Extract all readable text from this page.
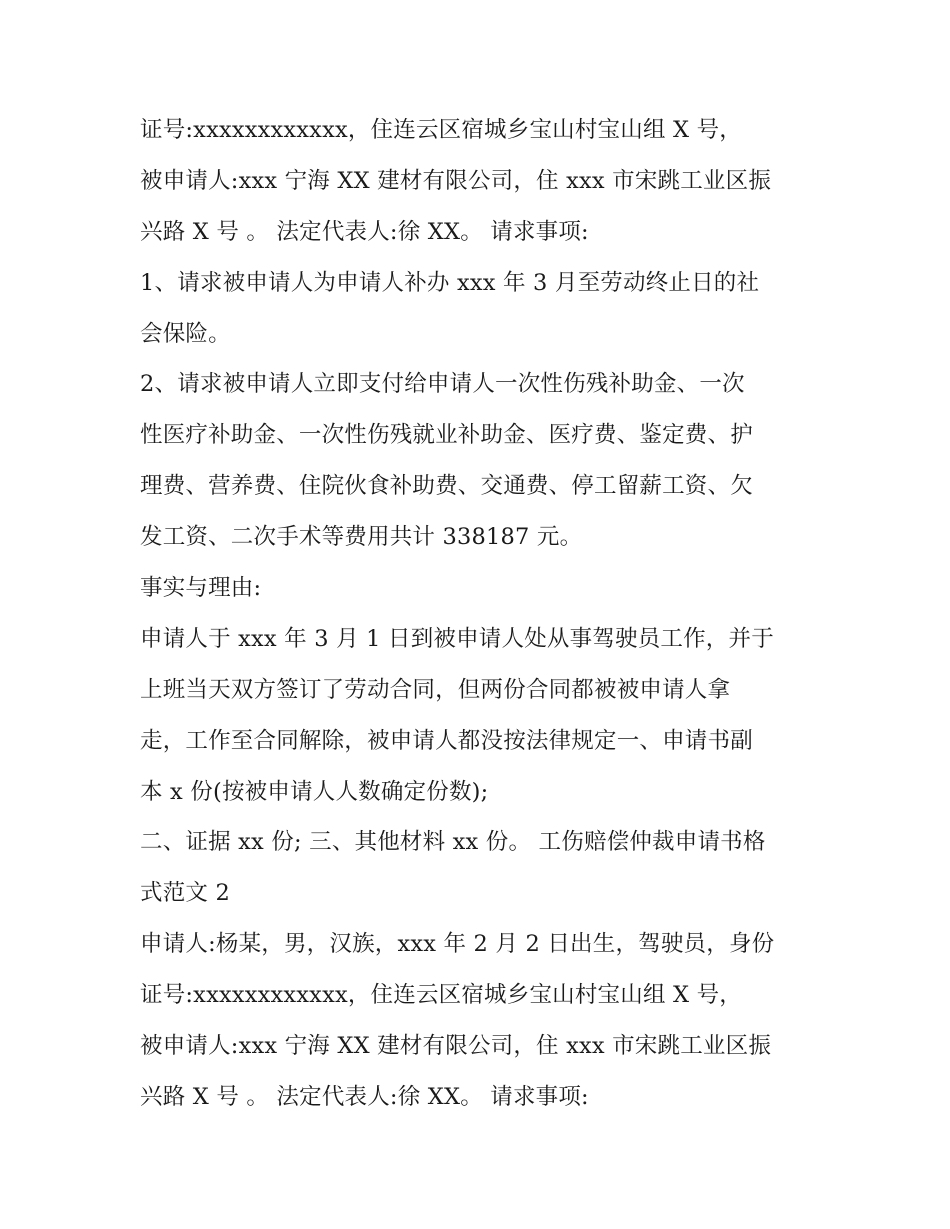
证号:xxxxxxxxxxxx，住连云区宿城乡宝山村宝山组 X 号，
被申请人:xxx 宁海 XX 建材有限公司，住 xxx 市宋跳工业区振
兴路 X 号 。 法定代表人:徐 XX。 请求事项:
1、请求被申请人为申请人补办 xxx 年 3 月至劳动终止日的社
会保险。
2、请求被申请人立即支付给申请人一次性伤残补助金、一次
性医疗补助金、一次性伤残就业补助金、医疗费、鉴定费、护
理费、营养费、住院伙食补助费、交通费、停工留薪工资、欠
发工资、二次手术等费用共计 338187 元。
事实与理由:
申请人于 xxx 年 3 月 1 日到被申请人处从事驾驶员工作，并于
上班当天双方签订了劳动合同，但两份合同都被被申请人拿
走，工作至合同解除，被申请人都没按法律规定一、申请书副
本 x 份(按被申请人人数确定份数);
二、证据 xx 份; 三、其他材料 xx 份。 工伤赔偿仲裁申请书格
式范文 2
申请人:杨某，男，汉族，xxx 年 2 月 2 日出生，驾驶员，身份
证号:xxxxxxxxxxxx，住连云区宿城乡宝山村宝山组 X 号，
被申请人:xxx 宁海 XX 建材有限公司，住 xxx 市宋跳工业区振
兴路 X 号 。 法定代表人:徐 XX。 请求事项:
